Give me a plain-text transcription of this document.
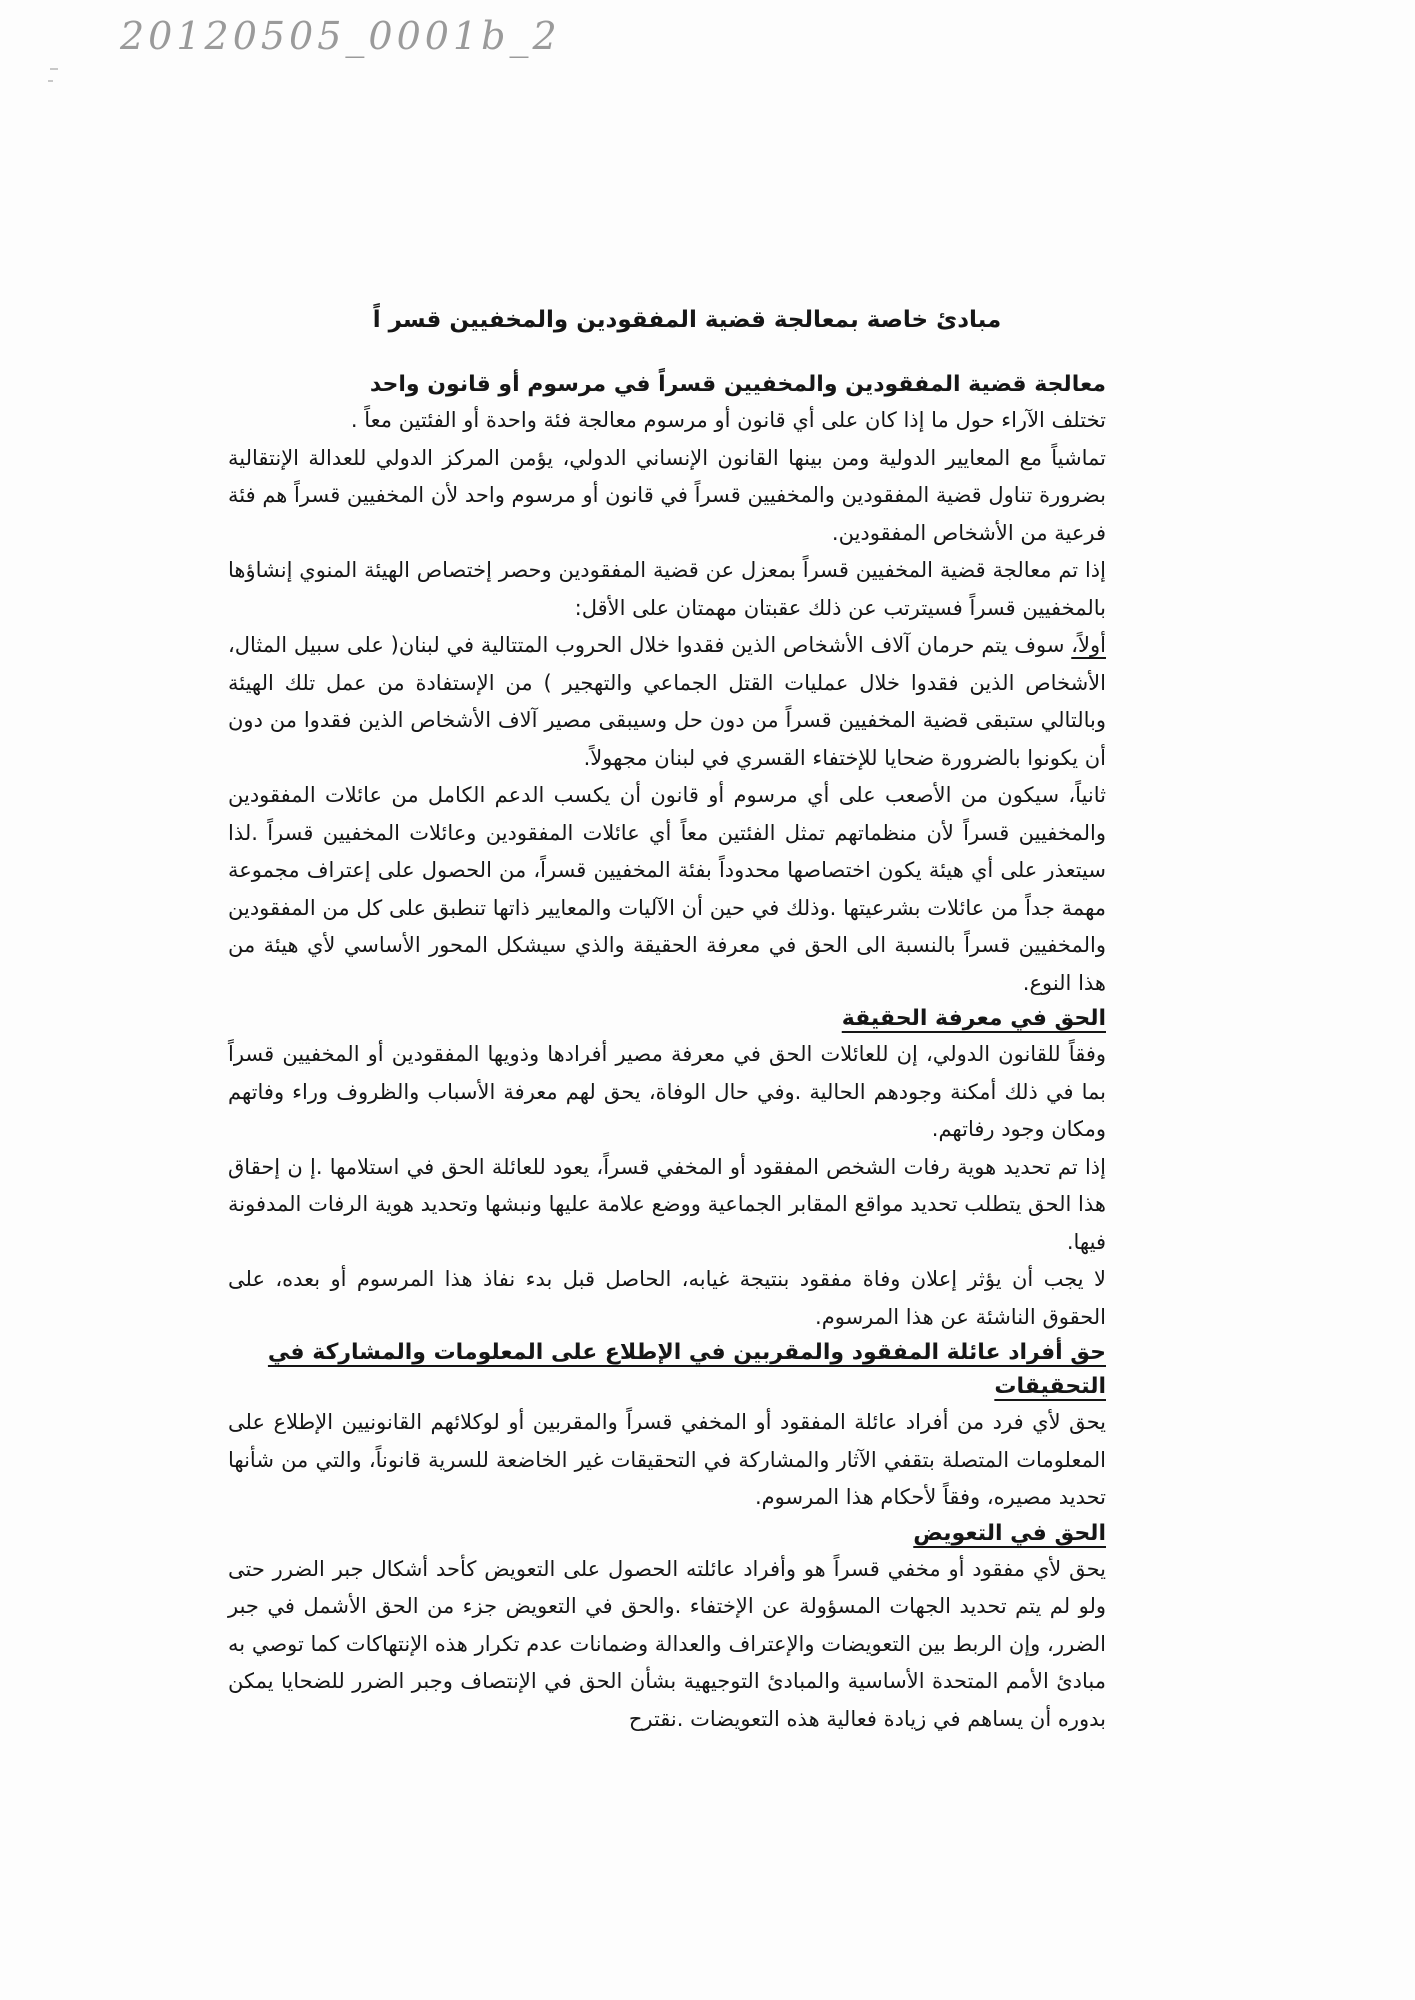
20120505_0001b_2
مبادئ خاصة بمعالجة قضية المفقودين والمخفيين قسر اً
معالجة قضية المفقودين والمخفيين قسراً في مرسوم أو قانون واحد

تختلف الآراء حول ما إذا كان على أي قانون أو مرسوم معالجة فئة واحدة أو الفئتين معاً .

تماشياً مع المعايير الدولية ومن بينها القانون الإنساني الدولي، يؤمن المركز الدولي للعدالة الإنتقالية بضرورة تناول قضية المفقودين والمخفيين قسراً في قانون أو مرسوم واحد لأن المخفيين قسراً هم فئة فرعية من الأشخاص المفقودين.

إذا تم معالجة قضية المخفيين قسراً بمعزل عن قضية المفقودين وحصر إختصاص الهيئة المنوي إنشاؤها بالمخفيين قسراً فسيترتب عن ذلك عقبتان مهمتان على الأقل:

أولاً، سوف يتم حرمان آلاف الأشخاص الذين فقدوا خلال الحروب المتتالية في لبنان( على سبيل المثال، الأشخاص الذين فقدوا خلال عمليات القتل الجماعي والتهجير ) من الإستفادة من عمل تلك الهيئة وبالتالي ستبقى قضية المخفيين قسراً من دون حل وسيبقى مصير آلاف الأشخاص الذين فقدوا من دون أن يكونوا بالضرورة ضحايا للإختفاء القسري في لبنان مجهولاً.

ثانياً، سيكون من الأصعب على أي مرسوم أو قانون أن يكسب الدعم الكامل من عائلات المفقودين والمخفيين قسراً لأن منظماتهم تمثل الفئتين معاً أي عائلات المفقودين وعائلات المخفيين قسراً .لذا سيتعذر على أي هيئة يكون اختصاصها محدوداً بفئة المخفيين قسراً، من الحصول على إعتراف مجموعة مهمة جداً من عائلات بشرعيتها .وذلك في حين أن الآليات والمعايير ذاتها تنطبق على كل من المفقودين والمخفيين قسراً بالنسبة الى الحق في معرفة الحقيقة والذي سيشكل المحور الأساسي لأي هيئة من هذا النوع.

الحق في معرفة الحقيقة

وفقاً للقانون الدولي، إن للعائلات الحق في معرفة مصير أفرادها وذويها المفقودين أو المخفيين قسراً بما في ذلك أمكنة وجودهم الحالية .وفي حال الوفاة، يحق لهم معرفة الأسباب والظروف وراء وفاتهم ومكان وجود رفاتهم.

إذا تم تحديد هوية رفات الشخص المفقود أو المخفي قسراً، يعود للعائلة الحق في استلامها .إ ن إحقاق هذا الحق يتطلب تحديد مواقع المقابر الجماعية ووضع علامة عليها ونبشها وتحديد هوية الرفات المدفونة فيها.

لا يجب أن يؤثر إعلان وفاة مفقود بنتيجة غيابه، الحاصل قبل بدء نفاذ هذا المرسوم أو بعده، على الحقوق الناشئة عن هذا المرسوم.

حق أفراد عائلة المفقود والمقربين في الإطلاع على المعلومات والمشاركة في التحقيقات

يحق لأي فرد من أفراد عائلة المفقود أو المخفي قسراً والمقربين أو لوكلائهم القانونيين الإطلاع على المعلومات المتصلة بتقفي الآثار والمشاركة في التحقيقات غير الخاضعة للسرية قانوناً، والتي من شأنها تحديد مصيره، وفقاً لأحكام هذا المرسوم.

الحق في التعويض

يحق لأي مفقود أو مخفي قسراً هو وأفراد عائلته الحصول على التعويض كأحد أشكال جبر الضرر حتى ولو لم يتم تحديد الجهات المسؤولة عن الإختفاء .والحق في التعويض جزء من الحق الأشمل في جبر الضرر، وإن الربط بين التعويضات والإعتراف والعدالة وضمانات عدم تكرار هذه الإنتهاكات كما توصي به مبادئ الأمم المتحدة الأساسية والمبادئ التوجيهية بشأن الحق في الإنتصاف وجبر الضرر للضحايا يمكن بدوره أن يساهم في زيادة فعالية هذه التعويضات .نقترح
